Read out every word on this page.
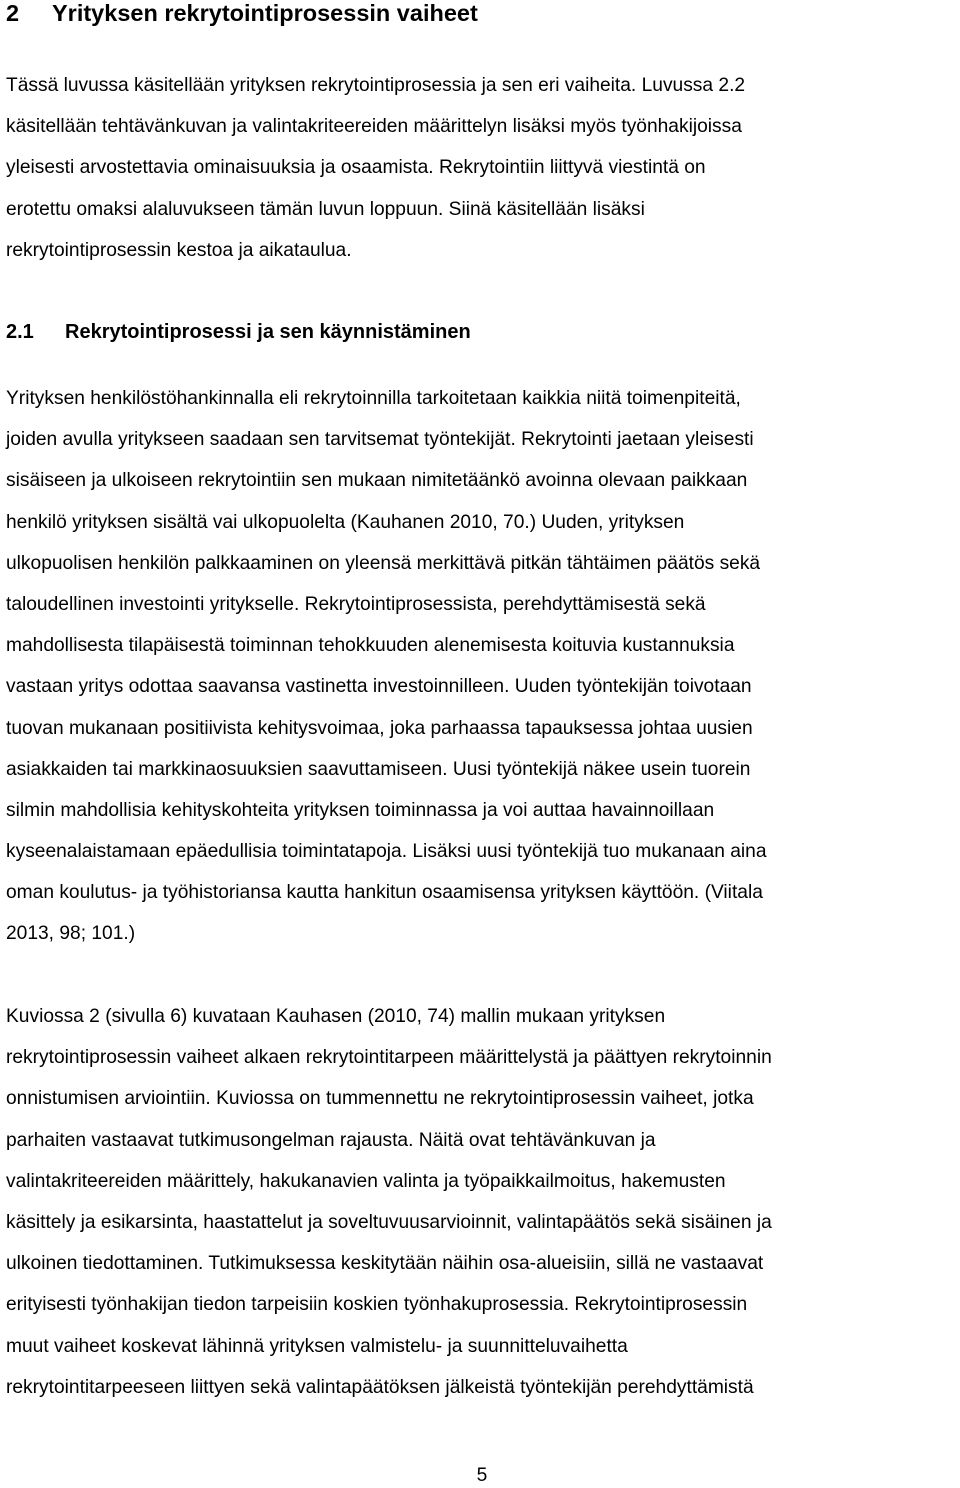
2 Yrityksen rekrytointiprosessin vaiheet
Tässä luvussa käsitellään yrityksen rekrytointiprosessia ja sen eri vaiheita. Luvussa 2.2
käsitellään tehtävänkuvan ja valintakriteereiden määrittelyn lisäksi myös työnhakijoissa
yleisesti arvostettavia ominaisuuksia ja osaamista. Rekrytointiin liittyvä viestintä on
erotettu omaksi alaluvukseen tämän luvun loppuun. Siinä käsitellään lisäksi
rekrytointiprosessin kestoa ja aikataulua.
2.1 Rekrytointiprosessi ja sen käynnistäminen
Yrityksen henkilöstöhankinnalla eli rekrytoinnilla tarkoitetaan kaikkia niitä toimenpiteitä,
joiden avulla yritykseen saadaan sen tarvitsemat työntekijät. Rekrytointi jaetaan yleisesti
sisäiseen ja ulkoiseen rekrytointiin sen mukaan nimitetäänkö avoinna olevaan paikkaan
henkilö yrityksen sisältä vai ulkopuolelta (Kauhanen 2010, 70.) Uuden, yrityksen
ulkopuolisen henkilön palkkaaminen on yleensä merkittävä pitkän tähtäimen päätös sekä
taloudellinen investointi yritykselle. Rekrytointiprosessista, perehdyttämisestä sekä
mahdollisesta tilapäisestä toiminnan tehokkuuden alenemisesta koituvia kustannuksia
vastaan yritys odottaa saavansa vastinetta investoinnilleen. Uuden työntekijän toivotaan
tuovan mukanaan positiivista kehitysvoimaa, joka parhaassa tapauksessa johtaa uusien
asiakkaiden tai markkinaosuuksien saavuttamiseen. Uusi työntekijä näkee usein tuorein
silmin mahdollisia kehityskohteita yrityksen toiminnassa ja voi auttaa havainnoillaan
kyseenalaistamaan epäedullisia toimintatapoja. Lisäksi uusi työntekijä tuo mukanaan aina
oman koulutus- ja työhistoriansa kautta hankitun osaamisensa yrityksen käyttöön. (Viitala
2013, 98; 101.)
Kuviossa 2 (sivulla 6) kuvataan Kauhasen (2010, 74) mallin mukaan yrityksen
rekrytointiprosessin vaiheet alkaen rekrytointitarpeen määrittelystä ja päättyen rekrytoinnin
onnistumisen arviointiin. Kuviossa on tummennettu ne rekrytointiprosessin vaiheet, jotka
parhaiten vastaavat tutkimusongelman rajausta. Näitä ovat tehtävänkuvan ja
valintakriteereiden määrittely, hakukanavien valinta ja työpaikkailmoitus, hakemusten
käsittely ja esikarsinta, haastattelut ja soveltuvuusarvioinnit, valintapäätös sekä sisäinen ja
ulkoinen tiedottaminen. Tutkimuksessa keskitytään näihin osa-alueisiin, sillä ne vastaavat
erityisesti työnhakijan tiedon tarpeisiin koskien työnhakuprosessia. Rekrytointiprosessin
muut vaiheet koskevat lähinnä yrityksen valmistelu- ja suunnitteluvaihetta
rekrytointitarpeeseen liittyen sekä valintapäätöksen jälkeistä työntekijän perehdyttämistä
5
